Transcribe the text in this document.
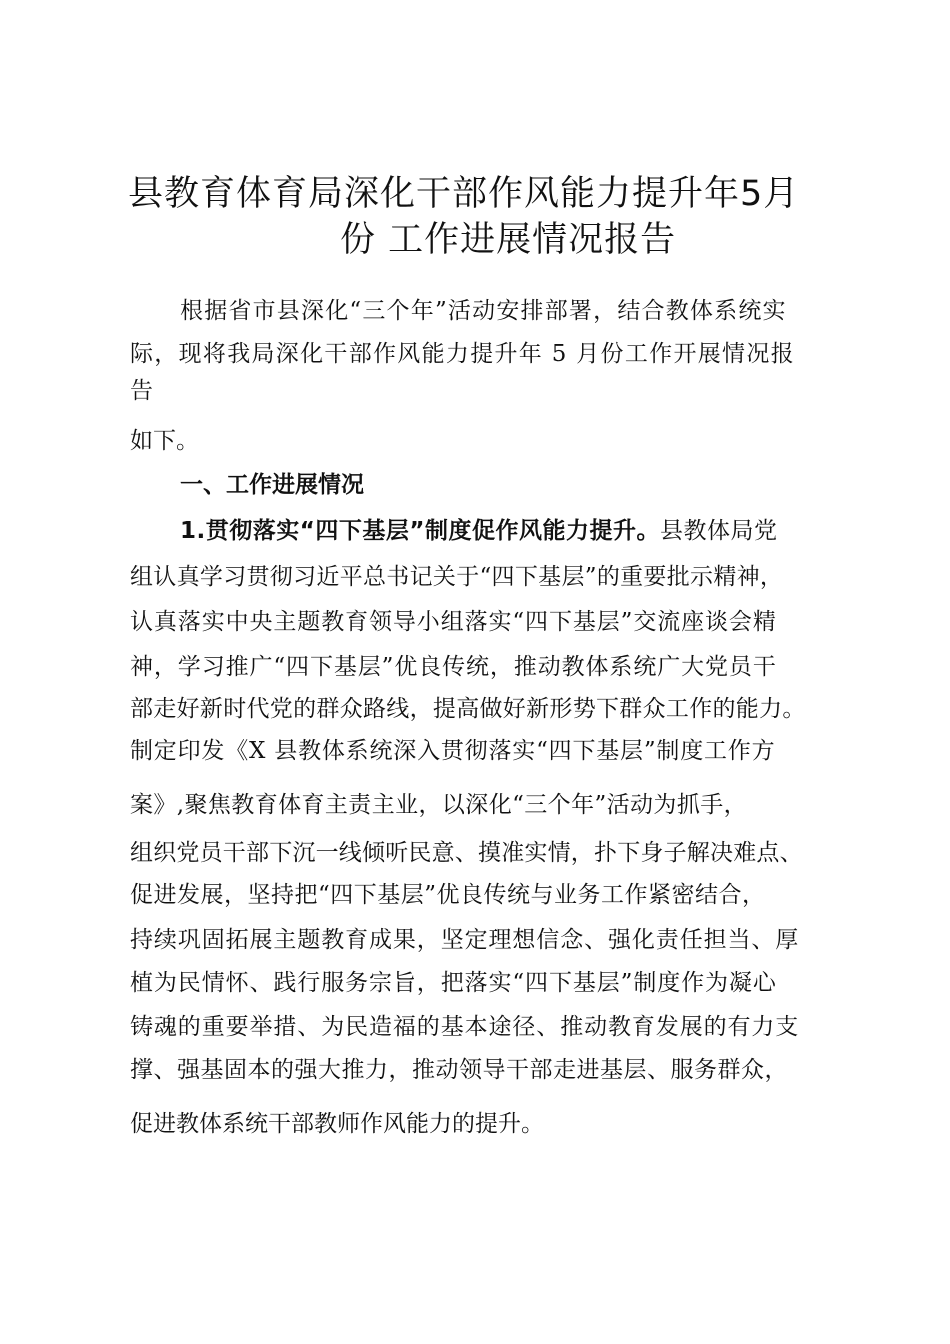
县教育体育局深化干部作风能力提升年5月
份 工作进展情况报告
根据省市县深化“三个年”活动安排部署，结合教体系统实
际，现将我局深化干部作风能力提升年 5 月份工作开展情况报
告
如下。
一、工作进展情况
1.贯彻落实“四下基层”制度促作风能力提升。县教体局党
组认真学习贯彻习近平总书记关于“四下基层”的重要批示精神，
认真落实中央主题教育领导小组落实“四下基层”交流座谈会精
神，学习推广“四下基层”优良传统，推动教体系统广大党员干
部走好新时代党的群众路线，提高做好新形势下群众工作的能力。
制定印发《X 县教体系统深入贯彻落实“四下基层”制度工作方
案》,聚焦教育体育主责主业，以深化“三个年”活动为抓手，
组织党员干部下沉一线倾听民意、摸准实情，扑下身子解决难点、
促进发展，坚持把“四下基层”优良传统与业务工作紧密结合，
持续巩固拓展主题教育成果，坚定理想信念、强化责任担当、厚
植为民情怀、践行服务宗旨，把落实“四下基层”制度作为凝心
铸魂的重要举措、为民造福的基本途径、推动教育发展的有力支
撑、强基固本的强大推力，推动领导干部走进基层、服务群众，
促进教体系统干部教师作风能力的提升。
